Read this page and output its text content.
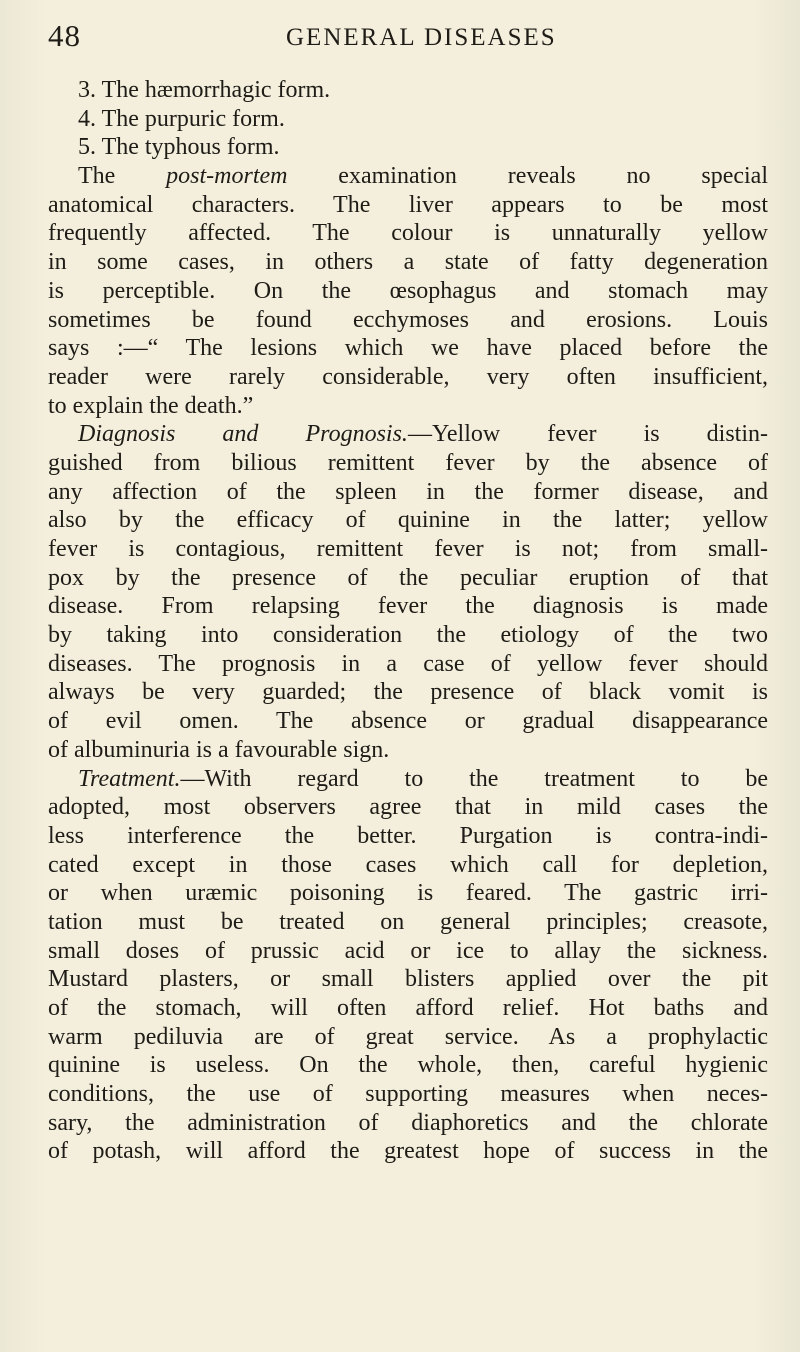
48	GENERAL DISEASES
3. The hæmorrhagic form.
4. The purpuric form.
5. The typhous form.
The post-mortem examination reveals no special
anatomical characters. The liver appears to be most
frequently affected. The colour is unnaturally yellow
in some cases, in others a state of fatty degeneration
is perceptible. On the œsophagus and stomach may
sometimes be found ecchymoses and erosions. Louis
says :—“ The lesions which we have placed before the
reader were rarely considerable, very often insufficient,
to explain the death.”
Diagnosis and Prognosis.—Yellow fever is distin-
guished from bilious remittent fever by the absence of
any affection of the spleen in the former disease, and
also by the efficacy of quinine in the latter; yellow
fever is contagious, remittent fever is not; from small-
pox by the presence of the peculiar eruption of that
disease. From relapsing fever the diagnosis is made
by taking into consideration the etiology of the two
diseases. The prognosis in a case of yellow fever should
always be very guarded; the presence of black vomit is
of evil omen. The absence or gradual disappearance
of albuminuria is a favourable sign.
Treatment.—With regard to the treatment to be
adopted, most observers agree that in mild cases the
less interference the better. Purgation is contra-indi-
cated except in those cases which call for depletion,
or when uræmic poisoning is feared. The gastric irri-
tation must be treated on general principles; creasote,
small doses of prussic acid or ice to allay the sickness.
Mustard plasters, or small blisters applied over the pit
of the stomach, will often afford relief. Hot baths and
warm pediluvia are of great service. As a prophylactic
quinine is useless. On the whole, then, careful hygienic
conditions, the use of supporting measures when neces-
sary, the administration of diaphoretics and the chlorate
of potash, will afford the greatest hope of success in the
